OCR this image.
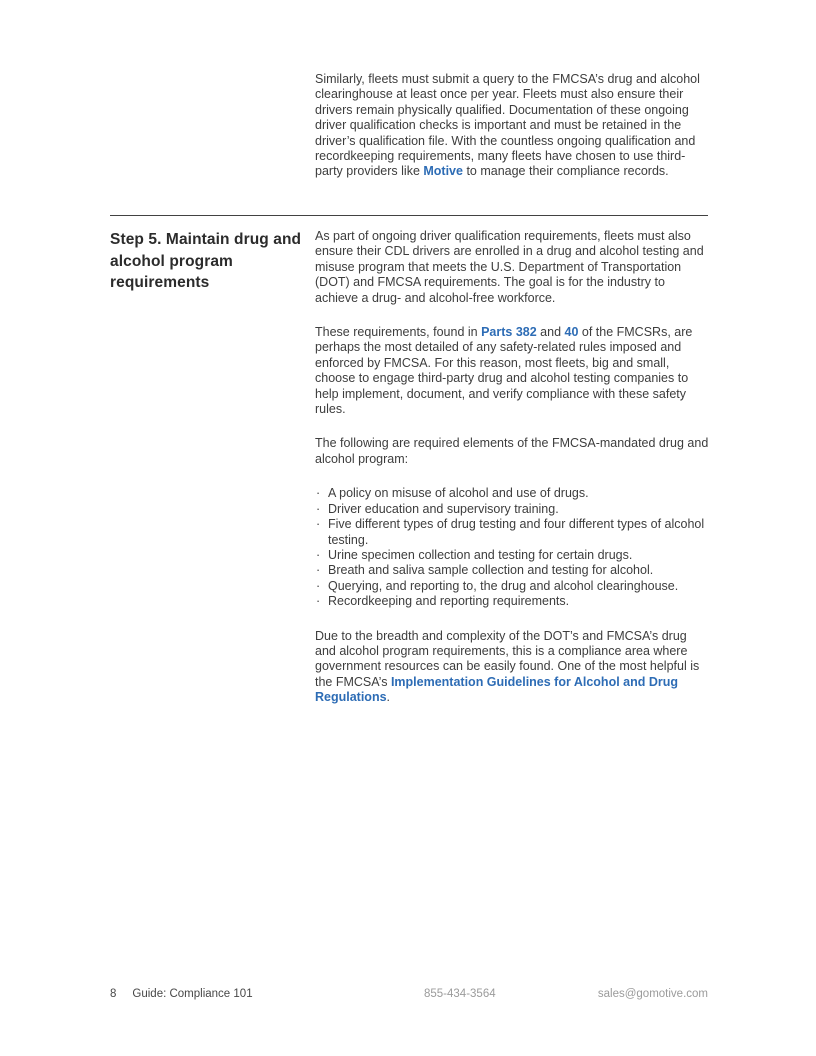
Similarly, fleets must submit a query to the FMCSA’s drug and alcohol clearinghouse at least once per year. Fleets must also ensure their drivers remain physically qualified. Documentation of these ongoing driver qualification checks is important and must be retained in the driver’s qualification file. With the countless ongoing qualification and recordkeeping requirements, many fleets have chosen to use third-party providers like Motive to manage their compliance records.

Step 5. Maintain drug and alcohol program requirements

As part of ongoing driver qualification requirements, fleets must also ensure their CDL drivers are enrolled in a drug and alcohol testing and misuse program that meets the U.S. Department of Transportation (DOT) and FMCSA requirements. The goal is for the industry to achieve a drug- and alcohol-free workforce.

These requirements, found in Parts 382 and 40 of the FMCSRs, are perhaps the most detailed of any safety-related rules imposed and enforced by FMCSA. For this reason, most fleets, big and small, choose to engage third-party drug and alcohol testing companies to help implement, document, and verify compliance with these safety rules.

The following are required elements of the FMCSA-mandated drug and alcohol program:

· A policy on misuse of alcohol and use of drugs.
· Driver education and supervisory training.
· Five different types of drug testing and four different types of alcohol testing.
· Urine specimen collection and testing for certain drugs.
· Breath and saliva sample collection and testing for alcohol.
· Querying, and reporting to, the drug and alcohol clearinghouse.
· Recordkeeping and reporting requirements.

Due to the breadth and complexity of the DOT’s and FMCSA’s drug and alcohol program requirements, this is a compliance area where government resources can be easily found. One of the most helpful is the FMCSA’s Implementation Guidelines for Alcohol and Drug Regulations.

8 Guide: Compliance 101	855-434-3564	sales@gomotive.com
